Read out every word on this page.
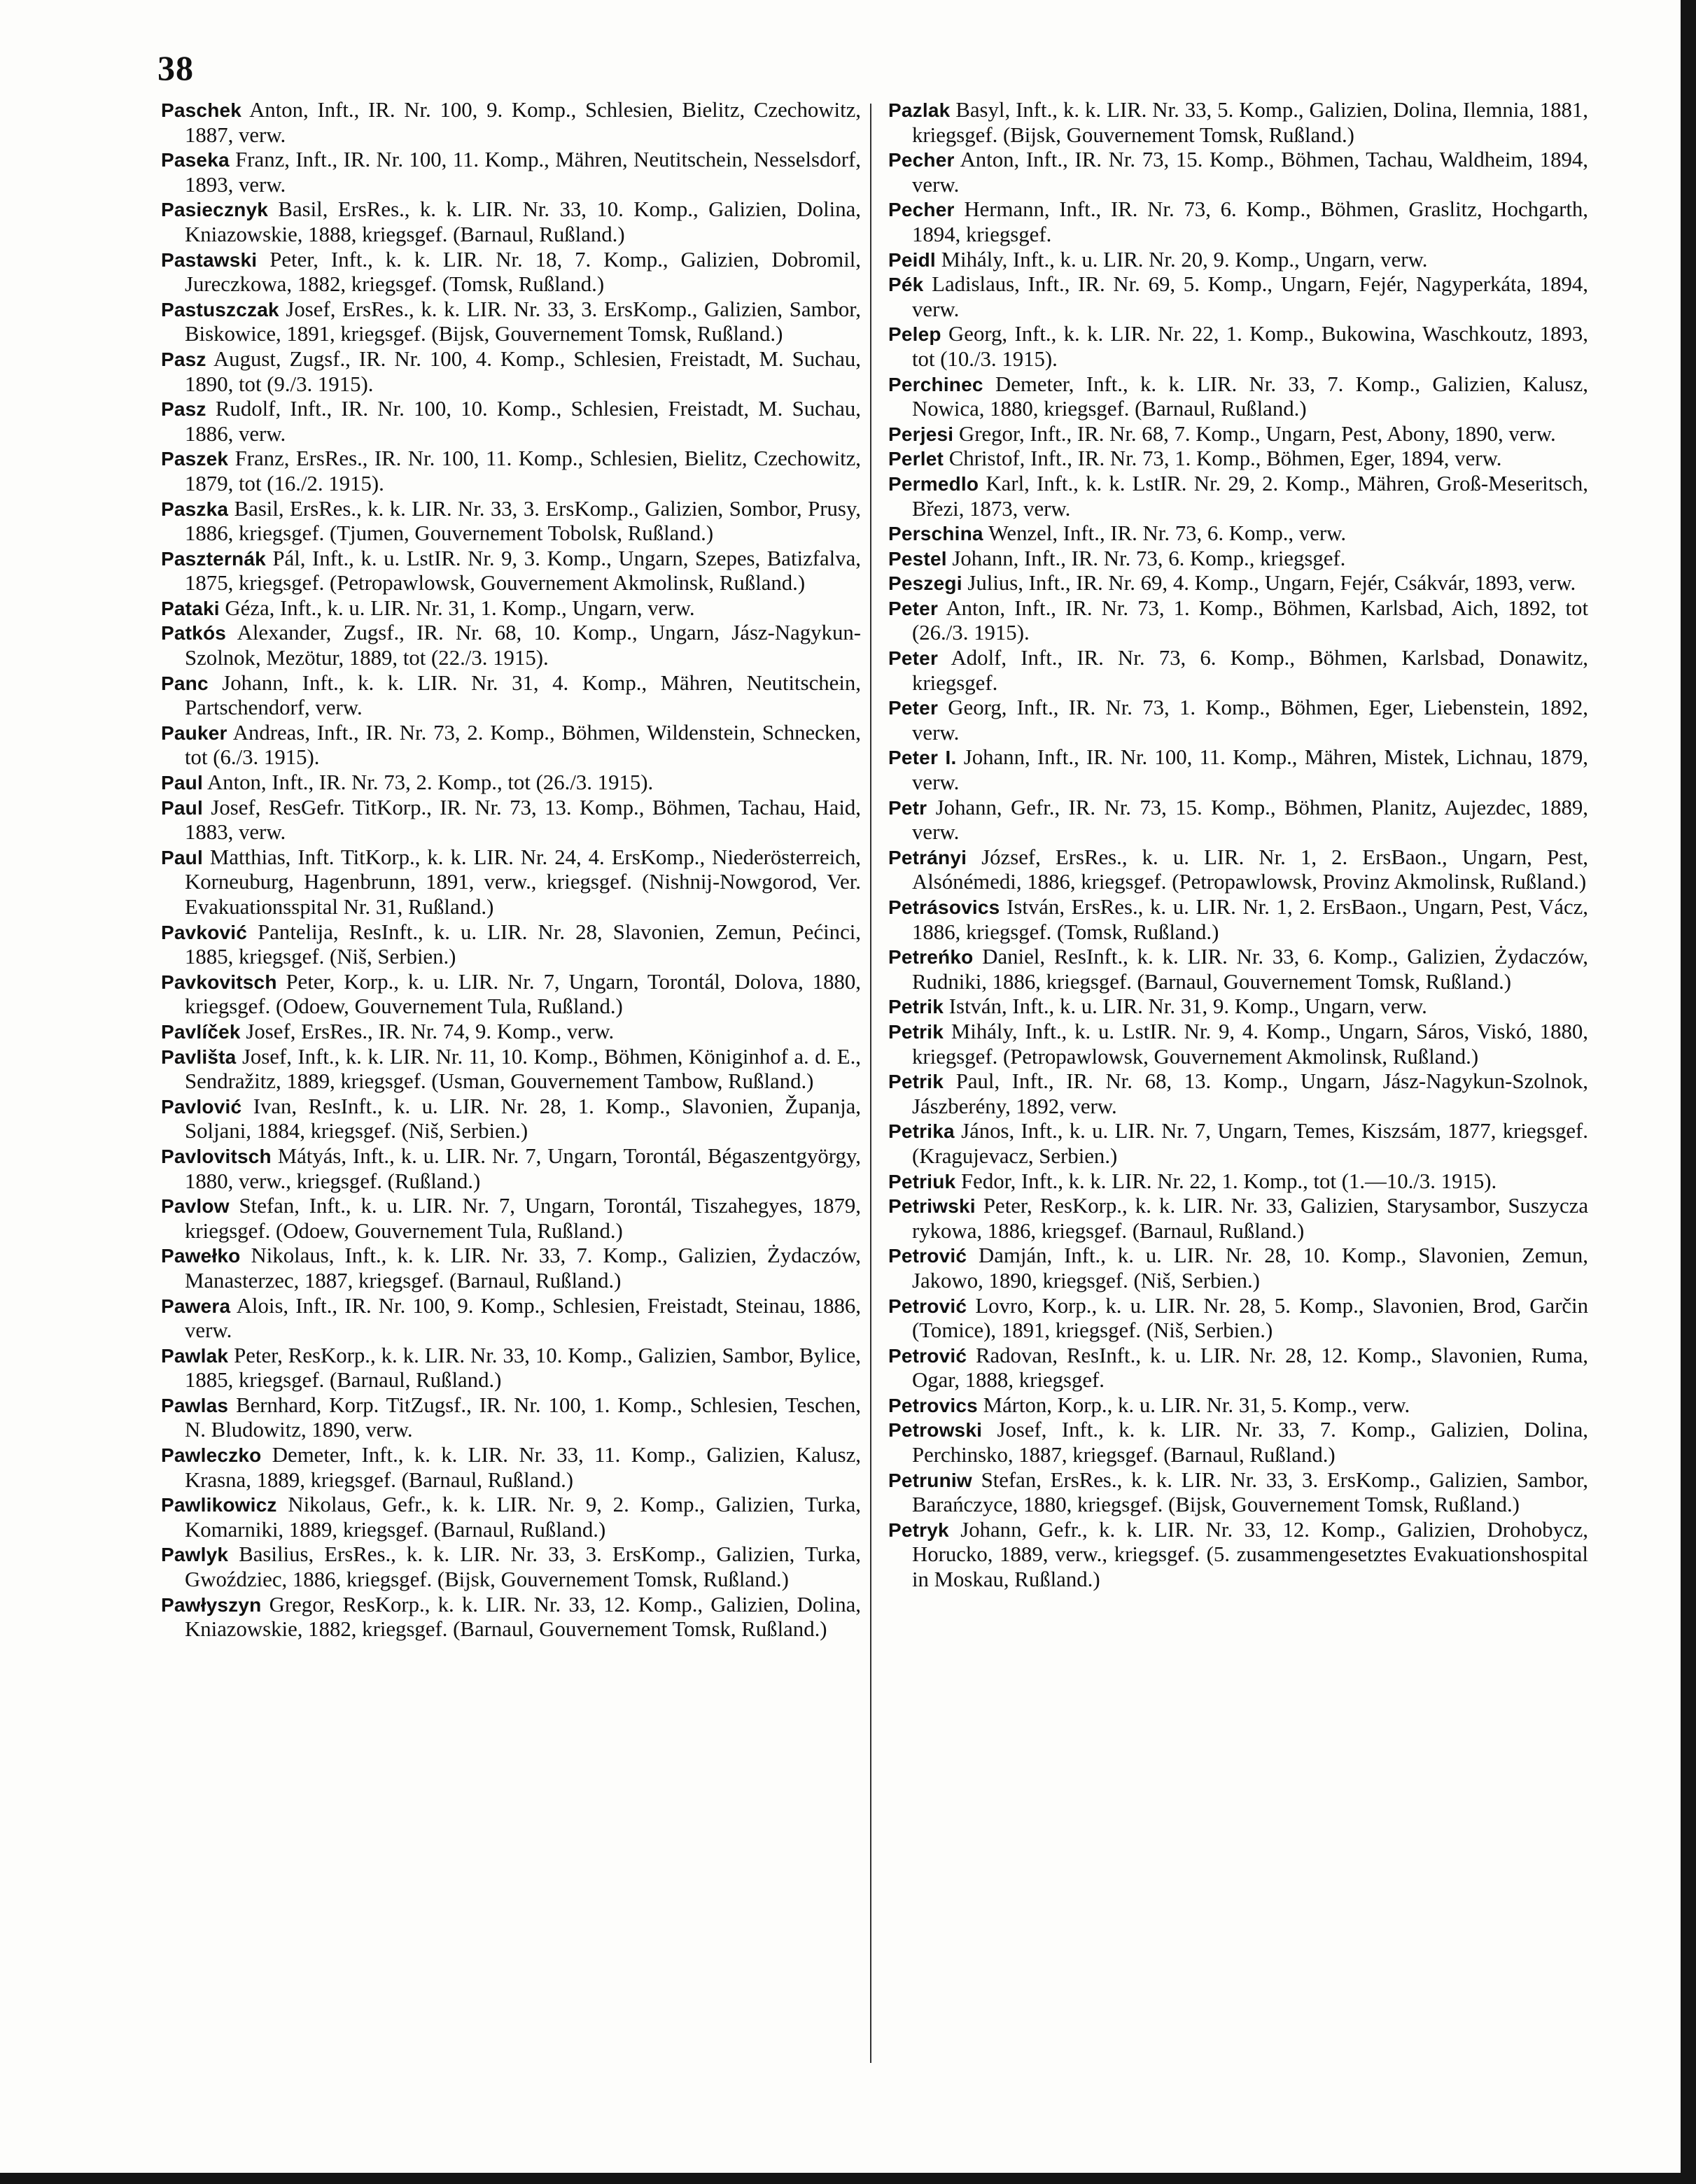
38

Paschek Anton, Inft., IR. Nr. 100, 9. Komp., Schlesien, Bielitz, Czechowitz, 1887, verw.

Paseka Franz, Inft., IR. Nr. 100, 11. Komp., Mähren, Neutitschein, Nesselsdorf, 1893, verw.

Pasiecznyk Basil, ErsRes., k. k. LIR. Nr. 33, 10. Komp., Galizien, Dolina, Kniazowskie, 1888, kriegsgef. (Barnaul, Rußland.)

Pastawski Peter, Inft., k. k. LIR. Nr. 18, 7. Komp., Galizien, Dobromil, Jureczkowa, 1882, kriegsgef. (Tomsk, Rußland.)

Pastuszczak Josef, ErsRes., k. k. LIR. Nr. 33, 3. ErsKomp., Galizien, Sambor, Biskowice, 1891, kriegsgef. (Bijsk, Gouvernement Tomsk, Rußland.)

Pasz August, Zugsf., IR. Nr. 100, 4. Komp., Schlesien, Freistadt, M. Suchau, 1890, tot (9./3. 1915).

Pasz Rudolf, Inft., IR. Nr. 100, 10. Komp., Schlesien, Freistadt, M. Suchau, 1886, verw.

Paszek Franz, ErsRes., IR. Nr. 100, 11. Komp., Schlesien, Bielitz, Czechowitz, 1879, tot (16./2. 1915).

Paszka Basil, ErsRes., k. k. LIR. Nr. 33, 3. ErsKomp., Galizien, Sombor, Prusy, 1886, kriegsgef. (Tjumen, Gouvernement Tobolsk, Rußland.)

Paszternák Pál, Inft., k. u. LstIR. Nr. 9, 3. Komp., Ungarn, Szepes, Batizfalva, 1875, kriegsgef. (Petropawlowsk, Gouvernement Akmolinsk, Rußland.)

Pataki Géza, Inft., k. u. LIR. Nr. 31, 1. Komp., Ungarn, verw.

Patkós Alexander, Zugsf., IR. Nr. 68, 10. Komp., Ungarn, Jász-Nagykun-Szolnok, Mezötur, 1889, tot (22./3. 1915).

Panc Johann, Inft., k. k. LIR. Nr. 31, 4. Komp., Mähren, Neutitschein, Partschendorf, verw.

Pauker Andreas, Inft., IR. Nr. 73, 2. Komp., Böhmen, Wildenstein, Schnecken, tot (6./3. 1915).

Paul Anton, Inft., IR. Nr. 73, 2. Komp., tot (26./3. 1915).

Paul Josef, ResGefr. TitKorp., IR. Nr. 73, 13. Komp., Böhmen, Tachau, Haid, 1883, verw.

Paul Matthias, Inft. TitKorp., k. k. LIR. Nr. 24, 4. ErsKomp., Niederösterreich, Korneuburg, Hagenbrunn, 1891, verw., kriegsgef. (Nishnij-Nowgorod, Ver. Evakuationsspital Nr. 31, Rußland.)

Pavković Pantelija, ResInft., k. u. LIR. Nr. 28, Slavonien, Zemun, Pećinci, 1885, kriegsgef. (Niš, Serbien.)

Pavkovitsch Peter, Korp., k. u. LIR. Nr. 7, Ungarn, Torontál, Dolova, 1880, kriegsgef. (Odoew, Gouvernement Tula, Rußland.)

Pavlíček Josef, ErsRes., IR. Nr. 74, 9. Komp., verw.

Pavlišta Josef, Inft., k. k. LIR. Nr. 11, 10. Komp., Böhmen, Königinhof a. d. E., Sendražitz, 1889, kriegsgef. (Usman, Gouvernement Tambow, Rußland.)

Pavlović Ivan, ResInft., k. u. LIR. Nr. 28, 1. Komp., Slavonien, Županja, Soljani, 1884, kriegsgef. (Niš, Serbien.)

Pavlovitsch Mátyás, Inft., k. u. LIR. Nr. 7, Ungarn, Torontál, Bégaszentgyörgy, 1880, verw., kriegsgef. (Rußland.)

Pavlow Stefan, Inft., k. u. LIR. Nr. 7, Ungarn, Torontál, Tiszahegyes, 1879, kriegsgef. (Odoew, Gouvernement Tula, Rußland.)

Pawełko Nikolaus, Inft., k. k. LIR. Nr. 33, 7. Komp., Galizien, Żydaczów, Manasterzec, 1887, kriegsgef. (Barnaul, Rußland.)

Pawera Alois, Inft., IR. Nr. 100, 9. Komp., Schlesien, Freistadt, Steinau, 1886, verw.

Pawlak Peter, ResKorp., k. k. LIR. Nr. 33, 10. Komp., Galizien, Sambor, Bylice, 1885, kriegsgef. (Barnaul, Rußland.)

Pawlas Bernhard, Korp. TitZugsf., IR. Nr. 100, 1. Komp., Schlesien, Teschen, N. Bludowitz, 1890, verw.

Pawleczko Demeter, Inft., k. k. LIR. Nr. 33, 11. Komp., Galizien, Kalusz, Krasna, 1889, kriegsgef. (Barnaul, Rußland.)

Pawlikowicz Nikolaus, Gefr., k. k. LIR. Nr. 9, 2. Komp., Galizien, Turka, Komarniki, 1889, kriegsgef. (Barnaul, Rußland.)

Pawlyk Basilius, ErsRes., k. k. LIR. Nr. 33, 3. ErsKomp., Galizien, Turka, Gwoździec, 1886, kriegsgef. (Bijsk, Gouvernement Tomsk, Rußland.)

Pawłyszyn Gregor, ResKorp., k. k. LIR. Nr. 33, 12. Komp., Galizien, Dolina, Kniazowskie, 1882, kriegsgef. (Barnaul, Gouvernement Tomsk, Rußland.)

Pazlak Basyl, Inft., k. k. LIR. Nr. 33, 5. Komp., Galizien, Dolina, Ilemnia, 1881, kriegsgef. (Bijsk, Gouvernement Tomsk, Rußland.)

Pecher Anton, Inft., IR. Nr. 73, 15. Komp., Böhmen, Tachau, Waldheim, 1894, verw.

Pecher Hermann, Inft., IR. Nr. 73, 6. Komp., Böhmen, Graslitz, Hochgarth, 1894, kriegsgef.

Peidl Mihály, Inft., k. u. LIR. Nr. 20, 9. Komp., Ungarn, verw.

Pék Ladislaus, Inft., IR. Nr. 69, 5. Komp., Ungarn, Fejér, Nagyperkáta, 1894, verw.

Pelep Georg, Inft., k. k. LIR. Nr. 22, 1. Komp., Bukowina, Waschkoutz, 1893, tot (10./3. 1915).

Perchinec Demeter, Inft., k. k. LIR. Nr. 33, 7. Komp., Galizien, Kalusz, Nowica, 1880, kriegsgef. (Barnaul, Rußland.)

Perjesi Gregor, Inft., IR. Nr. 68, 7. Komp., Ungarn, Pest, Abony, 1890, verw.

Perlet Christof, Inft., IR. Nr. 73, 1. Komp., Böhmen, Eger, 1894, verw.

Permedlo Karl, Inft., k. k. LstIR. Nr. 29, 2. Komp., Mähren, Groß-Meseritsch, Březi, 1873, verw.

Perschina Wenzel, Inft., IR. Nr. 73, 6. Komp., verw.

Pestel Johann, Inft., IR. Nr. 73, 6. Komp., kriegsgef.

Peszegi Julius, Inft., IR. Nr. 69, 4. Komp., Ungarn, Fejér, Csákvár, 1893, verw.

Peter Anton, Inft., IR. Nr. 73, 1. Komp., Böhmen, Karlsbad, Aich, 1892, tot (26./3. 1915).

Peter Adolf, Inft., IR. Nr. 73, 6. Komp., Böhmen, Karlsbad, Donawitz, kriegsgef.

Peter Georg, Inft., IR. Nr. 73, 1. Komp., Böhmen, Eger, Liebenstein, 1892, verw.

Peter I. Johann, Inft., IR. Nr. 100, 11. Komp., Mähren, Mistek, Lichnau, 1879, verw.

Petr Johann, Gefr., IR. Nr. 73, 15. Komp., Böhmen, Planitz, Aujezdec, 1889, verw.

Petrányi József, ErsRes., k. u. LIR. Nr. 1, 2. ErsBaon., Ungarn, Pest, Alsónémedi, 1886, kriegsgef. (Petropawlowsk, Provinz Akmolinsk, Rußland.)

Petrásovics István, ErsRes., k. u. LIR. Nr. 1, 2. ErsBaon., Ungarn, Pest, Vácz, 1886, kriegsgef. (Tomsk, Rußland.)

Petreńko Daniel, ResInft., k. k. LIR. Nr. 33, 6. Komp., Galizien, Żydaczów, Rudniki, 1886, kriegsgef. (Barnaul, Gouvernement Tomsk, Rußland.)

Petrik István, Inft., k. u. LIR. Nr. 31, 9. Komp., Ungarn, verw.

Petrik Mihály, Inft., k. u. LstIR. Nr. 9, 4. Komp., Ungarn, Sáros, Viskó, 1880, kriegsgef. (Petropawlowsk, Gouvernement Akmolinsk, Rußland.)

Petrik Paul, Inft., IR. Nr. 68, 13. Komp., Ungarn, Jász-Nagykun-Szolnok, Jászberény, 1892, verw.

Petrika János, Inft., k. u. LIR. Nr. 7, Ungarn, Temes, Kiszsám, 1877, kriegsgef. (Kragujevacz, Serbien.)

Petriuk Fedor, Inft., k. k. LIR. Nr. 22, 1. Komp., tot (1.—10./3. 1915).

Petriwski Peter, ResKorp., k. k. LIR. Nr. 33, Galizien, Starysambor, Suszycza rykowa, 1886, kriegsgef. (Barnaul, Rußland.)

Petrović Damján, Inft., k. u. LIR. Nr. 28, 10. Komp., Slavonien, Zemun, Jakowo, 1890, kriegsgef. (Niš, Serbien.)

Petrović Lovro, Korp., k. u. LIR. Nr. 28, 5. Komp., Slavonien, Brod, Garčin (Tomice), 1891, kriegsgef. (Niš, Serbien.)

Petrović Radovan, ResInft., k. u. LIR. Nr. 28, 12. Komp., Slavonien, Ruma, Ogar, 1888, kriegsgef.

Petrovics Márton, Korp., k. u. LIR. Nr. 31, 5. Komp., verw.

Petrowski Josef, Inft., k. k. LIR. Nr. 33, 7. Komp., Galizien, Dolina, Perchinsko, 1887, kriegsgef. (Barnaul, Rußland.)

Petruniw Stefan, ErsRes., k. k. LIR. Nr. 33, 3. ErsKomp., Galizien, Sambor, Barańczyce, 1880, kriegsgef. (Bijsk, Gouvernement Tomsk, Rußland.)

Petryk Johann, Gefr., k. k. LIR. Nr. 33, 12. Komp., Galizien, Drohobycz, Horucko, 1889, verw., kriegsgef. (5. zusammengesetztes Evakuationshospital in Moskau, Rußland.)
